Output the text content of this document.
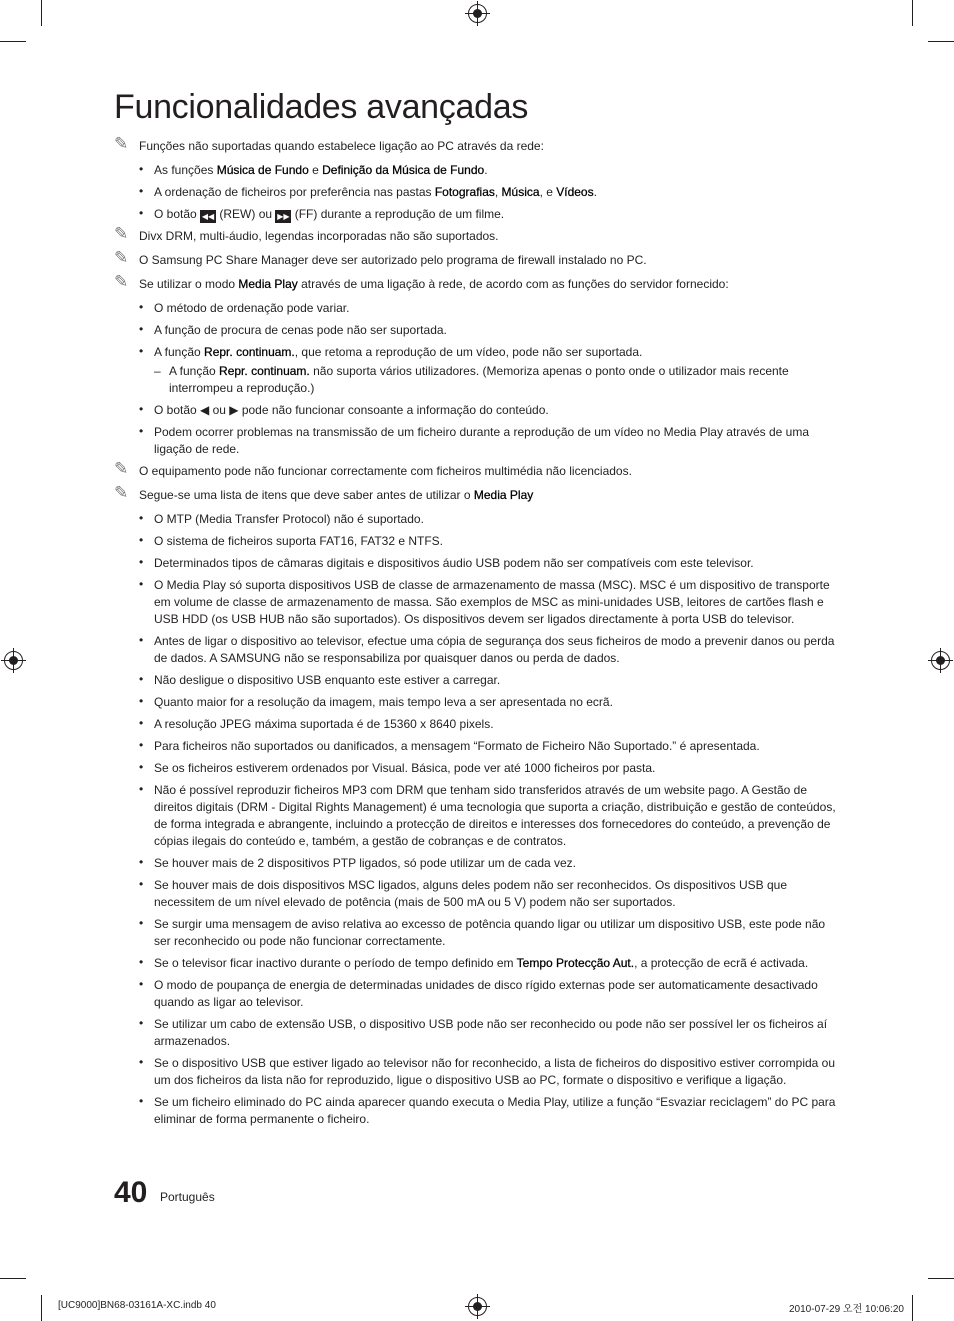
Funcionalidades avançadas
✎ Funções não suportadas quando estabelece ligação ao PC através da rede:
• As funções Música de Fundo e Definição da Música de Fundo.
• A ordenação de ficheiros por preferência nas pastas Fotografias, Música, e Vídeos.
• O botão ◀◀ (REW) ou ▶▶ (FF) durante a reprodução de um filme.
✎ Divx DRM, multi-áudio, legendas incorporadas não são suportados.
✎ O Samsung PC Share Manager deve ser autorizado pelo programa de firewall instalado no PC.
✎ Se utilizar o modo Media Play através de uma ligação à rede, de acordo com as funções do servidor fornecido:
• O método de ordenação pode variar.
• A função de procura de cenas pode não ser suportada.
• A função Repr. continuam., que retoma a reprodução de um vídeo, pode não ser suportada.
– A função Repr. continuam. não suporta vários utilizadores. (Memoriza apenas o ponto onde o utilizador mais recente interrompeu a reprodução.)
• O botão ◀ ou ▶ pode não funcionar consoante a informação do conteúdo.
• Podem ocorrer problemas na transmissão de um ficheiro durante a reprodução de um vídeo no Media Play através de uma ligação de rede.
✎ O equipamento pode não funcionar correctamente com ficheiros multimédia não licenciados.
✎ Segue-se uma lista de itens que deve saber antes de utilizar o Media Play
• O MTP (Media Transfer Protocol) não é suportado.
• O sistema de ficheiros suporta FAT16, FAT32 e NTFS.
• Determinados tipos de câmaras digitais e dispositivos áudio USB podem não ser compatíveis com este televisor.
• O Media Play só suporta dispositivos USB de classe de armazenamento de massa (MSC). MSC é um dispositivo de transporte em volume de classe de armazenamento de massa. São exemplos de MSC as mini-unidades USB, leitores de cartões flash e USB HDD (os USB HUB não são suportados). Os dispositivos devem ser ligados directamente à porta USB do televisor.
• Antes de ligar o dispositivo ao televisor, efectue uma cópia de segurança dos seus ficheiros de modo a prevenir danos ou perda de dados. A SAMSUNG não se responsabiliza por quaisquer danos ou perda de dados.
• Não desligue o dispositivo USB enquanto este estiver a carregar.
• Quanto maior for a resolução da imagem, mais tempo leva a ser apresentada no ecrã.
• A resolução JPEG máxima suportada é de 15360 x 8640 pixels.
• Para ficheiros não suportados ou danificados, a mensagem “Formato de Ficheiro Não Suportado.” é apresentada.
• Se os ficheiros estiverem ordenados por Visual. Básica, pode ver até 1000 ficheiros por pasta.
• Não é possível reproduzir ficheiros MP3 com DRM que tenham sido transferidos através de um website pago. A Gestão de direitos digitais (DRM - Digital Rights Management) é uma tecnologia que suporta a criação, distribuição e gestão de conteúdos, de forma integrada e abrangente, incluindo a protecção de direitos e interesses dos fornecedores do conteúdo, a prevenção de cópias ilegais do conteúdo e, também, a gestão de cobranças e de contratos.
• Se houver mais de 2 dispositivos PTP ligados, só pode utilizar um de cada vez.
• Se houver mais de dois dispositivos MSC ligados, alguns deles podem não ser reconhecidos. Os dispositivos USB que necessitem de um nível elevado de potência (mais de 500 mA ou 5 V) podem não ser suportados.
• Se surgir uma mensagem de aviso relativa ao excesso de potência quando ligar ou utilizar um dispositivo USB, este pode não ser reconhecido ou pode não funcionar correctamente.
• Se o televisor ficar inactivo durante o período de tempo definido em Tempo Protecção Aut., a protecção de ecrã é activada.
• O modo de poupança de energia de determinadas unidades de disco rígido externas pode ser automaticamente desactivado quando as ligar ao televisor.
• Se utilizar um cabo de extensão USB, o dispositivo USB pode não ser reconhecido ou pode não ser possível ler os ficheiros aí armazenados.
• Se o dispositivo USB que estiver ligado ao televisor não for reconhecido, a lista de ficheiros do dispositivo estiver corrompida ou um dos ficheiros da lista não for reproduzido, ligue o dispositivo USB ao PC, formate o dispositivo e verifique a ligação.
• Se um ficheiro eliminado do PC ainda aparecer quando executa o Media Play, utilize a função “Esvaziar reciclagem” do PC para eliminar de forma permanente o ficheiro.
40 Português
[UC9000]BN68-03161A-XC.indb 40	2010-07-29 오전 10:06:20
